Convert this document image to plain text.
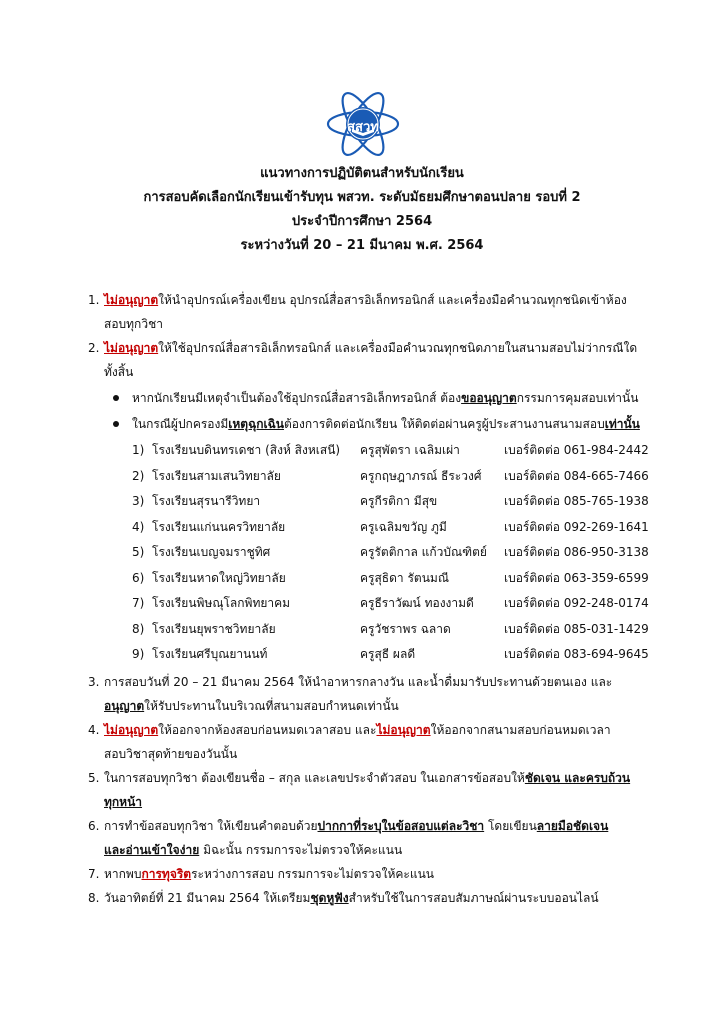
สสวท
แนวทางการปฏิบัติตนสำหรับนักเรียน
การสอบคัดเลือกนักเรียนเข้ารับทุน พสวท. ระดับมัธยมศึกษาตอนปลาย รอบที่ 2
ประจำปีการศึกษา 2564
ระหว่างวันที่ 20 – 21 มีนาคม พ.ศ. 2564
1. ไม่อนุญาตให้นำอุปกรณ์เครื่องเขียน อุปกรณ์สื่อสารอิเล็กทรอนิกส์ และเครื่องมือคำนวณทุกชนิดเข้าห้อง
สอบทุกวิชา
2. ไม่อนุญาตให้ใช้อุปกรณ์สื่อสารอิเล็กทรอนิกส์ และเครื่องมือคำนวณทุกชนิดภายในสนามสอบไม่ว่ากรณีใด
ทั้งสิ้น
หากนักเรียนมีเหตุจำเป็นต้องใช้อุปกรณ์สื่อสารอิเล็กทรอนิกส์ ต้องขออนุญาตกรรมการคุมสอบเท่านั้น
ในกรณีผู้ปกครองมีเหตุฉุกเฉินต้องการติดต่อนักเรียน ให้ติดต่อผ่านครูผู้ประสานงานสนามสอบเท่านั้น
1) โรงเรียนบดินทรเดชา (สิงห์ สิงหเสนี)	ครูสุพัตรา เฉลิมเผ่า	เบอร์ติดต่อ 061-984-2442
2) โรงเรียนสามเสนวิทยาลัย	ครูกฤษฎาภรณ์ ธีระวงศ์	เบอร์ติดต่อ 084-665-7466
3) โรงเรียนสุรนารีวิทยา	ครูกีรติกา มีสุข	เบอร์ติดต่อ 085-765-1938
4) โรงเรียนแก่นนครวิทยาลัย	ครูเฉลิมขวัญ ภูมี	เบอร์ติดต่อ 092-269-1641
5) โรงเรียนเบญจมราชูทิศ	ครูรัตติกาล แก้วบัณฑิตย์	เบอร์ติดต่อ 086-950-3138
6) โรงเรียนหาดใหญ่วิทยาลัย	ครูสุธิดา รัตนมณี	เบอร์ติดต่อ 063-359-6599
7) โรงเรียนพิษณุโลกพิทยาคม	ครูธีราวัฒน์ ทองงามดี	เบอร์ติดต่อ 092-248-0174
8) โรงเรียนยุพราชวิทยาลัย	ครูวัชราพร ฉลาด	เบอร์ติดต่อ 085-031-1429
9) โรงเรียนศรีบุณยานนท์	ครูสุธี ผลดี	เบอร์ติดต่อ 083-694-9645
3. การสอบวันที่ 20 – 21 มีนาคม 2564 ให้นำอาหารกลางวัน และน้ำดื่มมารับประทานด้วยตนเอง และ
อนุญาตให้รับประทานในบริเวณที่สนามสอบกำหนดเท่านั้น
4. ไม่อนุญาตให้ออกจากห้องสอบก่อนหมดเวลาสอบ และไม่อนุญาตให้ออกจากสนามสอบก่อนหมดเวลา
สอบวิชาสุดท้ายของวันนั้น
5. ในการสอบทุกวิชา ต้องเขียนชื่อ – สกุล และเลขประจำตัวสอบ ในเอกสารข้อสอบให้ชัดเจน และครบถ้วน
ทุกหน้า
6. การทำข้อสอบทุกวิชา ให้เขียนคำตอบด้วยปากกาที่ระบุในข้อสอบแต่ละวิชา โดยเขียนลายมือชัดเจน
และอ่านเข้าใจง่าย มิฉะนั้น กรรมการจะไม่ตรวจให้คะแนน
7. หากพบการทุจริตระหว่างการสอบ กรรมการจะไม่ตรวจให้คะแนน
8. วันอาทิตย์ที่ 21 มีนาคม 2564 ให้เตรียมชุดหูฟังสำหรับใช้ในการสอบสัมภาษณ์ผ่านระบบออนไลน์
